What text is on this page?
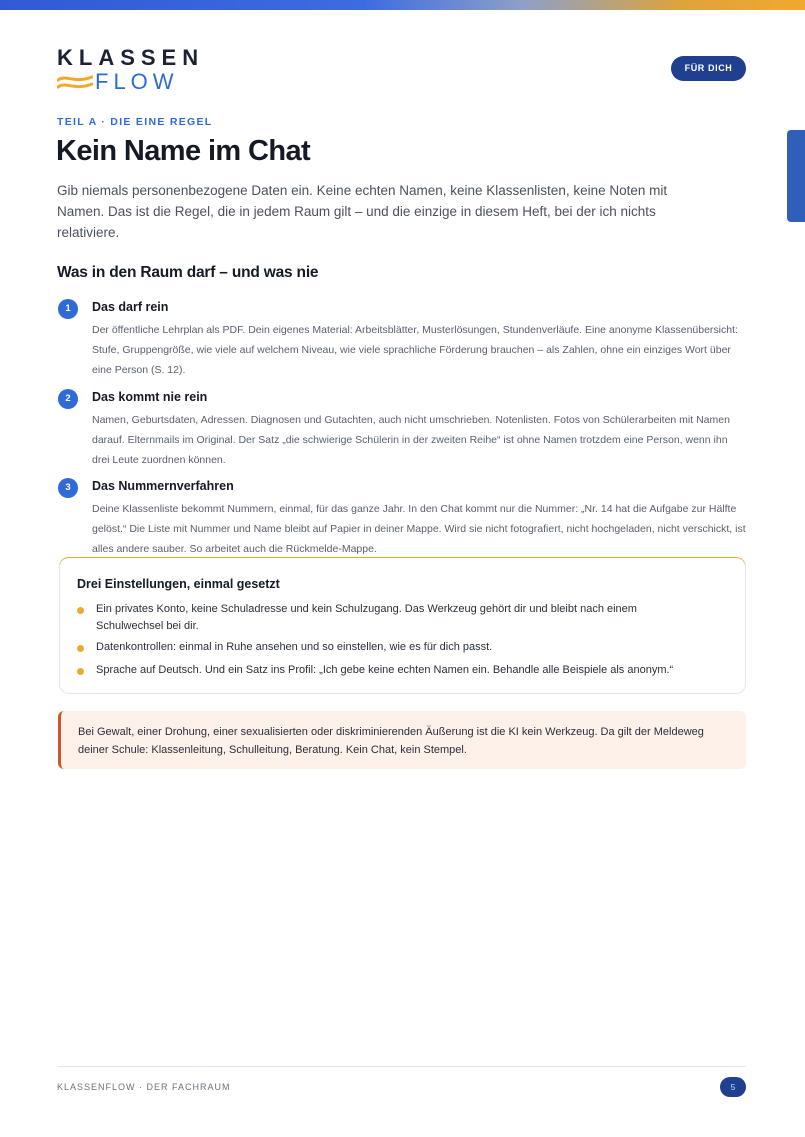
KLASSEN
FLOW
FÜR DICH
TEIL A · DIE EINE REGEL
Kein Name im Chat
Gib niemals personenbezogene Daten ein. Keine echten Namen, keine Klassenlisten, keine Noten mit Namen. Das ist die Regel, die in jedem Raum gilt – und die einzige in diesem Heft, bei der ich nichts relativiere.
Was in den Raum darf – und was nie
1	Das darf rein
Der öffentliche Lehrplan als PDF. Dein eigenes Material: Arbeitsblätter, Musterlösungen, Stundenverläufe. Eine anonyme Klassenübersicht: Stufe, Gruppengröße, wie viele auf welchem Niveau, wie viele sprachliche Förderung brauchen – als Zahlen, ohne ein einziges Wort über eine Person (S. 12).
2	Das kommt nie rein
Namen, Geburtsdaten, Adressen. Diagnosen und Gutachten, auch nicht umschrieben. Notenlisten. Fotos von Schülerarbeiten mit Namen darauf. Elternmails im Original. Der Satz „die schwierige Schülerin in der zweiten Reihe“ ist ohne Namen trotzdem eine Person, wenn ihn drei Leute zuordnen können.
3	Das Nummernverfahren
Deine Klassenliste bekommt Nummern, einmal, für das ganze Jahr. In den Chat kommt nur die Nummer: „Nr. 14 hat die Aufgabe zur Hälfte gelöst.“ Die Liste mit Nummer und Name bleibt auf Papier in deiner Mappe. Wird sie nicht fotografiert, nicht hochgeladen, nicht verschickt, ist alles andere sauber. So arbeitet auch die Rückmelde-Mappe.
Drei Einstellungen, einmal gesetzt
Ein privates Konto, keine Schuladresse und kein Schulzugang. Das Werkzeug gehört dir und bleibt nach einem Schulwechsel bei dir.
Datenkontrollen: einmal in Ruhe ansehen und so einstellen, wie es für dich passt.
Sprache auf Deutsch. Und ein Satz ins Profil: „Ich gebe keine echten Namen ein. Behandle alle Beispiele als anonym.“
Bei Gewalt, einer Drohung, einer sexualisierten oder diskriminierenden Äußerung ist die KI kein Werkzeug. Da gilt der Meldeweg deiner Schule: Klassenleitung, Schulleitung, Beratung. Kein Chat, kein Stempel.
KLASSENFLOW · DER FACHRAUM	5
